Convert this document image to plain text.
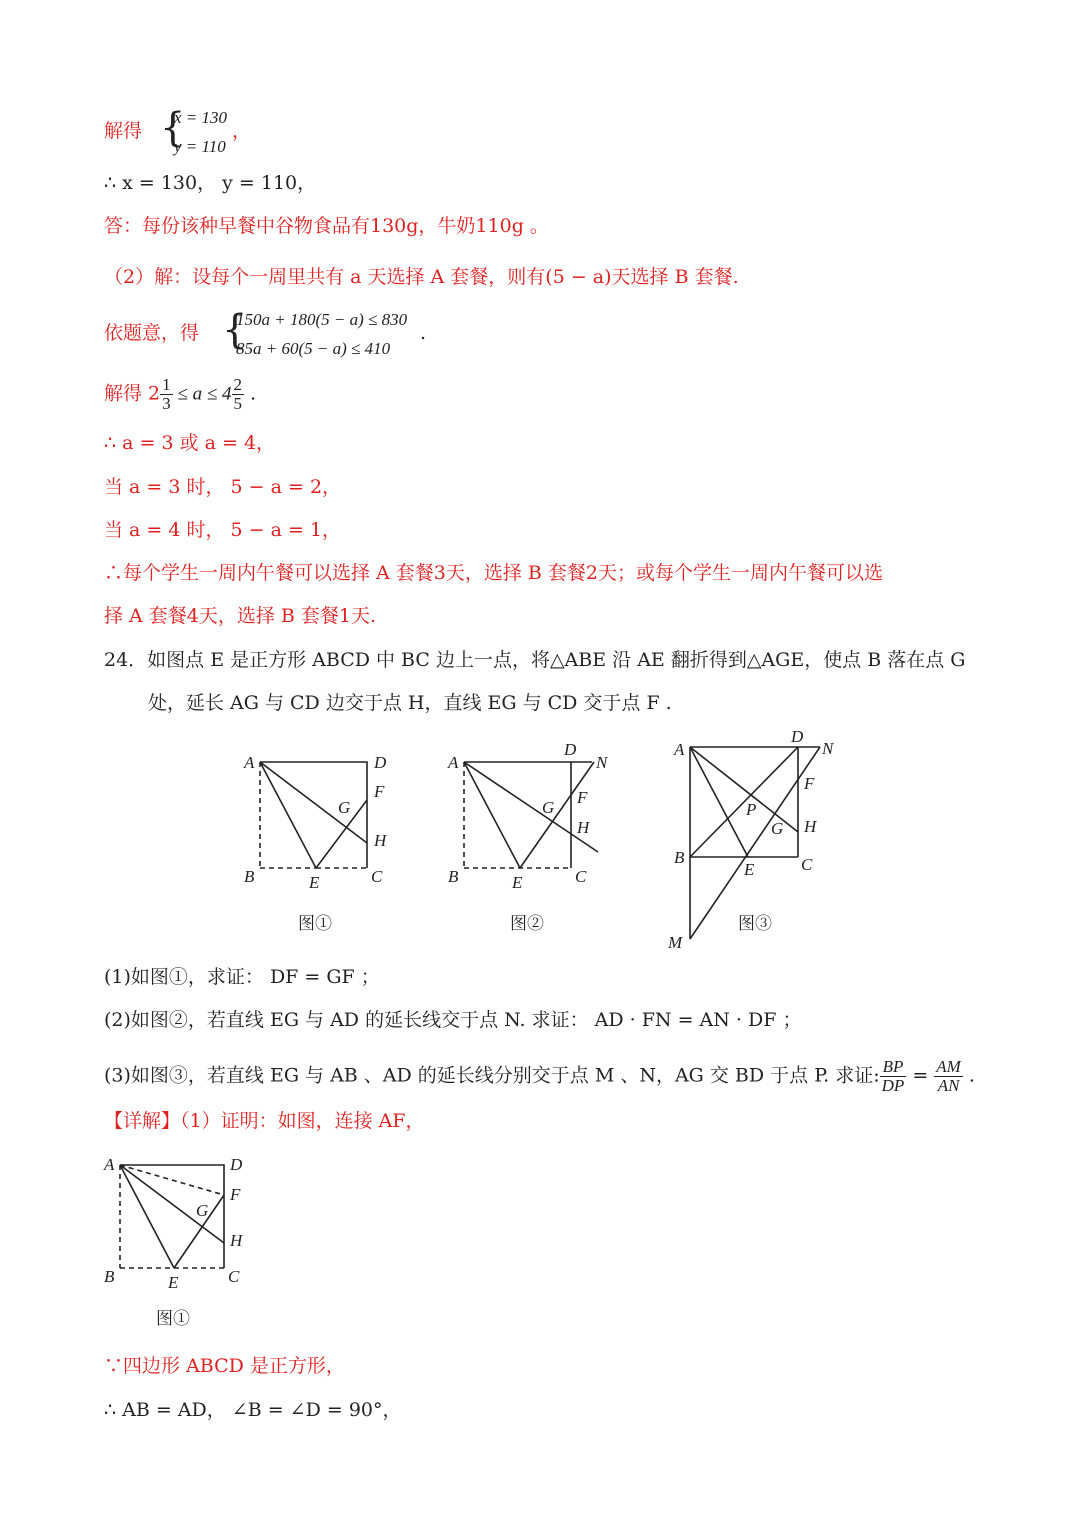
解得 {
x = 130
y = 110
，
∴ x = 130， y = 110，
答：每份该种早餐中谷物食品有130g，牛奶110g 。
（2）解：设每个一周里共有 a 天选择 A 套餐，则有(5 − a)天选择 B 套餐.
依题意，得 {
150a + 180(5 − a) ≤ 830
85a + 60(5 − a) ≤ 410
.
解得 $2 \frac{1}{3} \le a \le 4 \frac{2}{5}$ .
∴ a = 3 或 a = 4，
当 a = 3 时， 5 − a = 2，
当 a = 4 时， 5 − a = 1，
∴每个学生一周内午餐可以选择 A 套餐3天，选择 B 套餐2天；或每个学生一周内午餐可以选
择 A 套餐4天，选择 B 套餐1天.
24．如图点 E 是正方形 ABCD 中 BC 边上一点，将△ABE 沿 AE 翻折得到△AGE，使点 B 落在点 G
处，延长 AG 与 CD 边交于点 H，直线 EG 与 CD 交于点 F .
A	D
F
G
H
B	E	C
图①
A
D
N
F
G
H
B	E	C
图②
A
D
N
F
P
G H
B
E	C
M
图③
(1)如图①，求证： DF = GF ；
(2)如图②，若直线 EG 与 AD 的延长线交于点 N. 求证： AD · FN = AN · DF ；
(3)如图③，若直线 EG 与 AB 、AD 的延长线分别交于点 M 、N，AG 交 BD 于点 P. 求证: $\frac{BP}{DP} = \frac{AM}{AN}$ .
【详解】（1）证明：如图，连接 AF，
A	D
F
G
H
B	E	C
图①
∵四边形 ABCD 是正方形，
∴ AB = AD， ∠B = ∠D = 90°，
